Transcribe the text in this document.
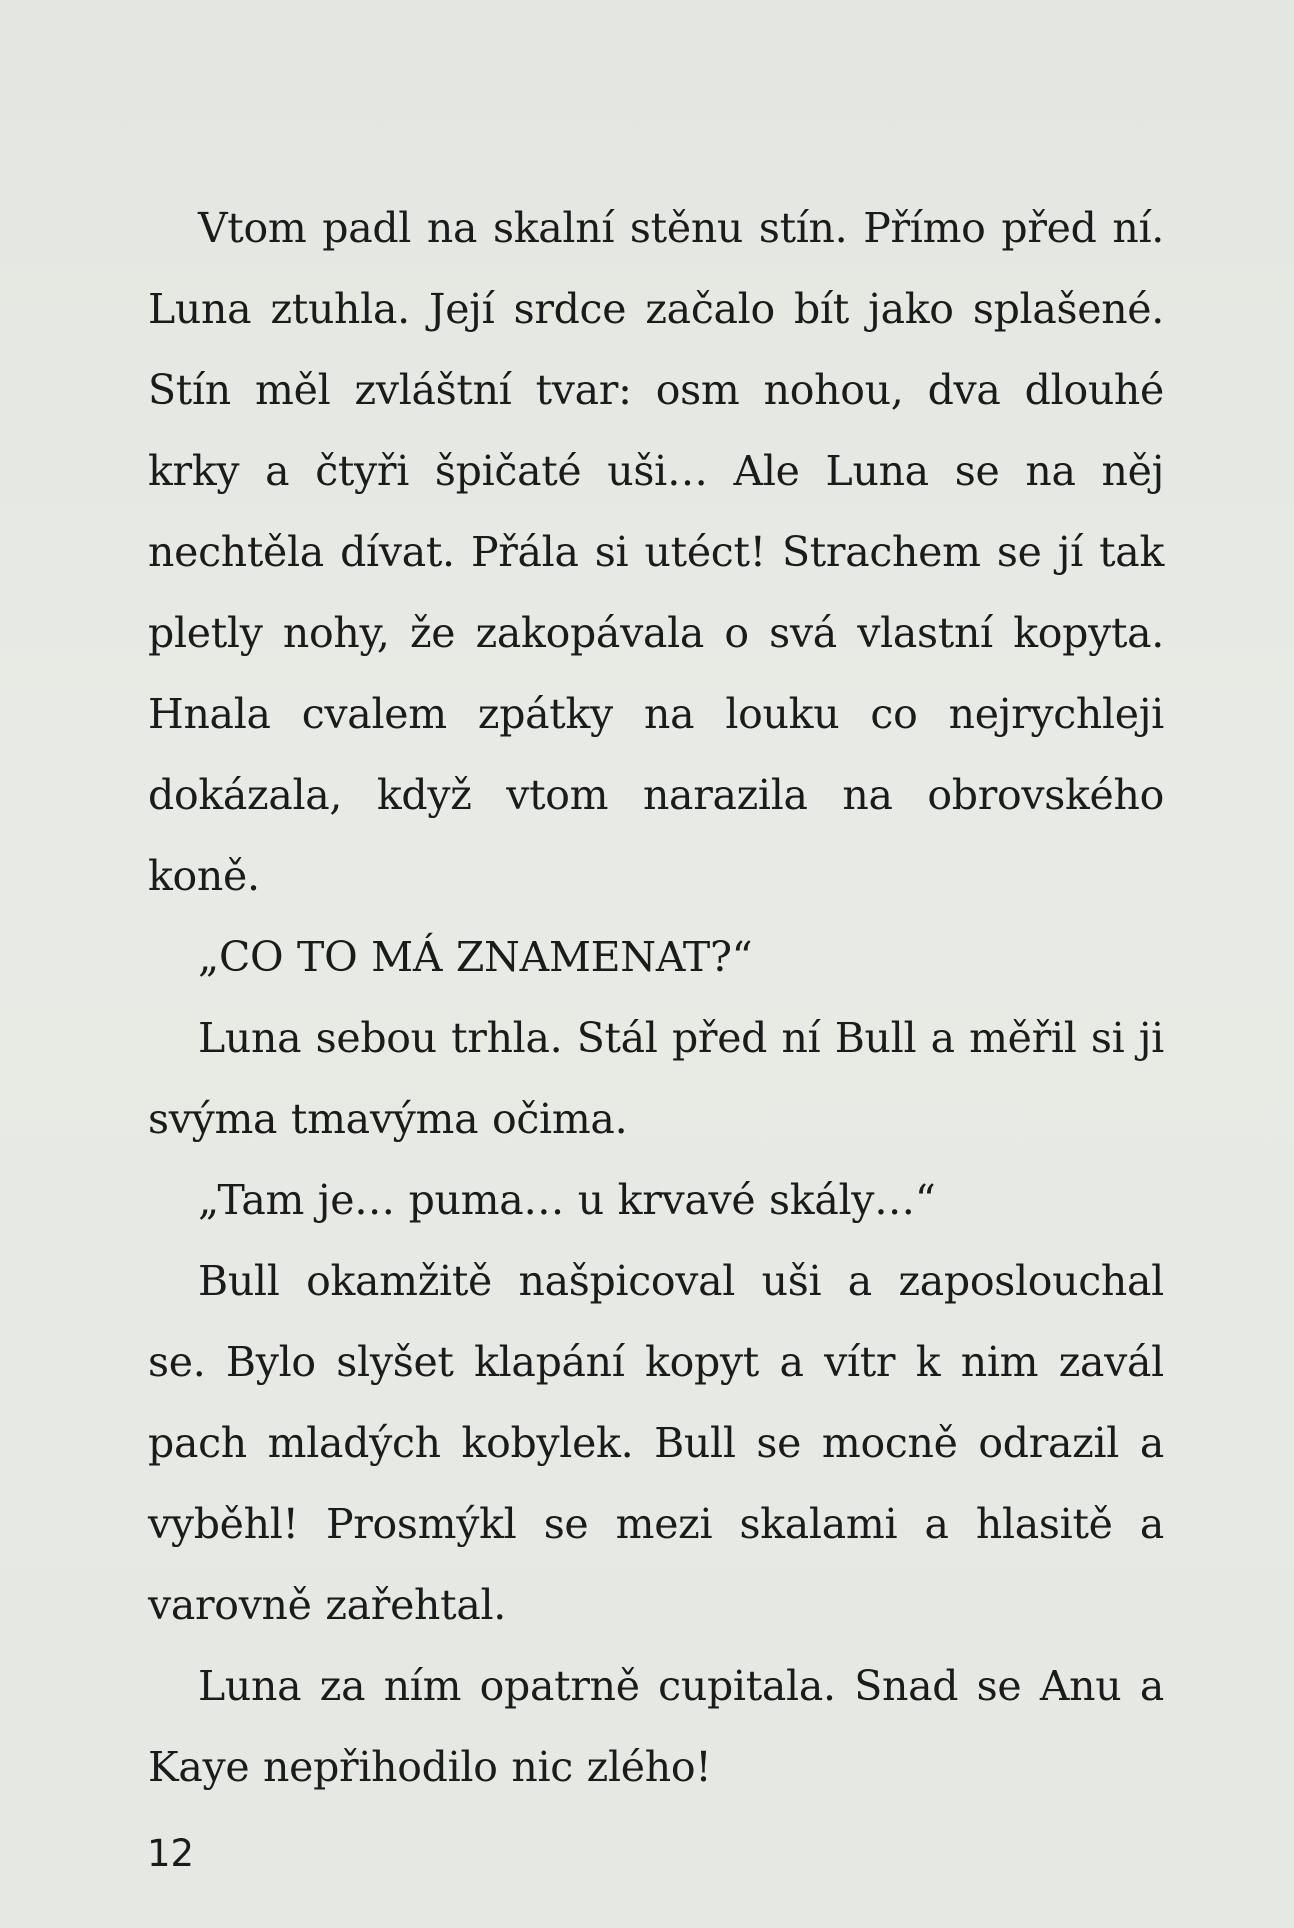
Vtom padl na skalní stěnu stín. Přímo před ní. Luna ztuhla. Její srdce začalo bít jako splašené. Stín měl zvláštní tvar: osm nohou, dva dlouhé krky a čtyři špičaté uši… Ale Luna se na něj nechtěla dívat. Přála si utéct! Strachem se jí tak pletly nohy, že zakopávala o svá vlastní kopyta. Hnala cvalem zpátky na louku co nejrychleji dokázala, když vtom narazila na obrovského koně.

„CO TO MÁ ZNAMENAT?“

Luna sebou trhla. Stál před ní Bull a měřil si ji svýma tmavýma očima.

„Tam je… puma… u krvavé skály…“

Bull okamžitě našpicoval uši a zaposlouchal se. Bylo slyšet klapání kopyt a vítr k nim zavál pach mladých kobylek. Bull se mocně odrazil a vyběhl! Prosmýkl se mezi skalami a hlasitě a varovně zařehtal.

Luna za ním opatrně cupitala. Snad se Anu a Kaye nepřihodilo nic zlého!

12
